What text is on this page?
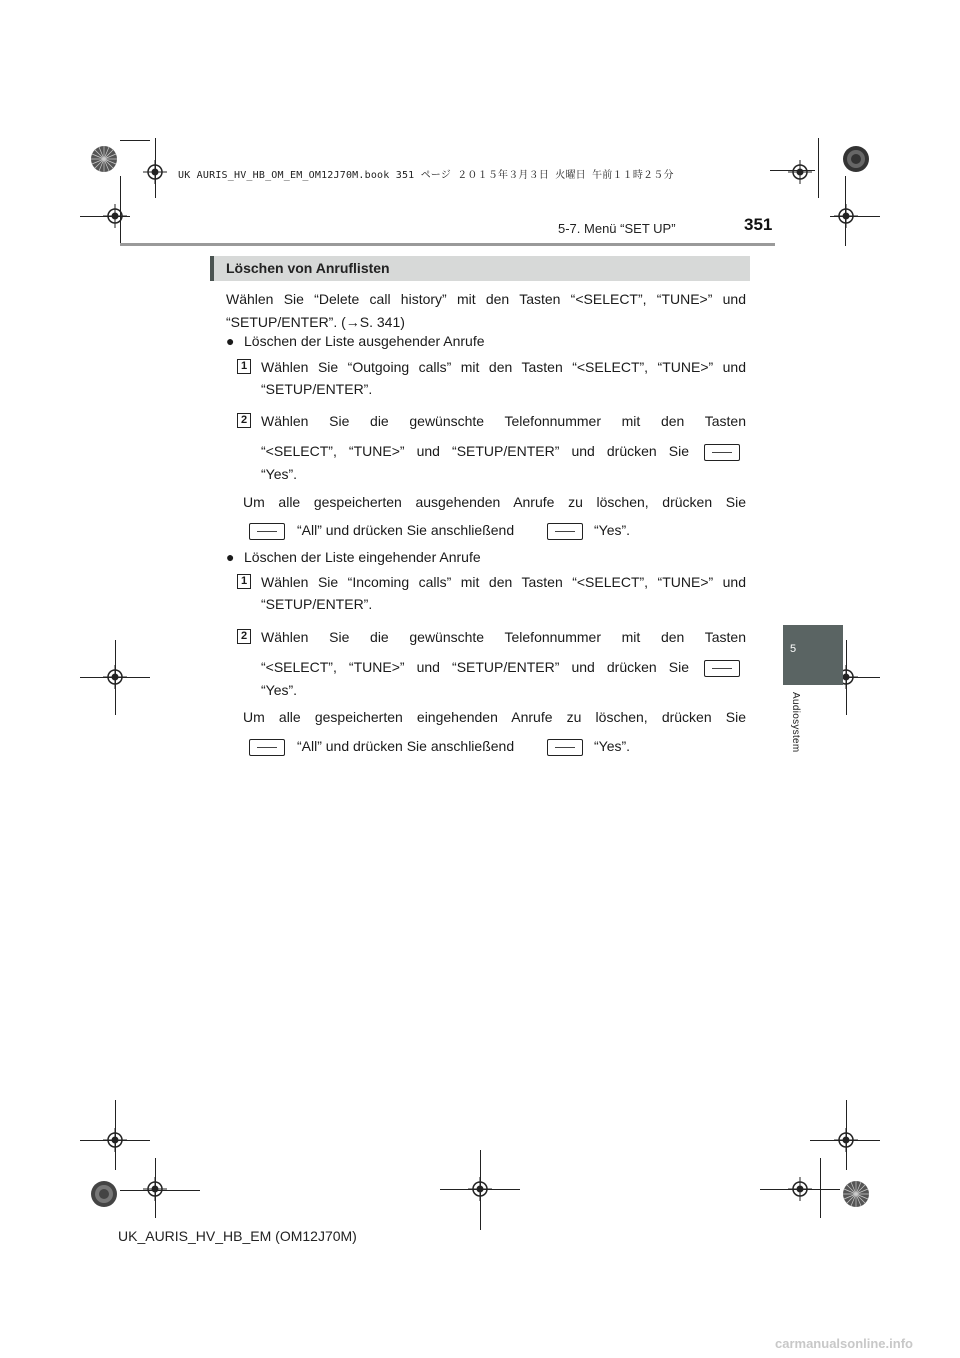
UK AURIS_HV_HB_OM_EM_OM12J70M.book 351 ページ ２０１５年３月３日 火曜日 午前１１時２５分
5-7. Menü “SET UP”	351
5
Audiosystem
Löschen von Anruflisten
Wählen Sie “Delete call history” mit den Tasten “<SELECT”, “TUNE>” und
“SETUP/ENTER”. (→S. 341)
● Löschen der Liste ausgehender Anrufe
1 Wählen Sie “Outgoing calls” mit den Tasten “<SELECT”, “TUNE>” und
“SETUP/ENTER”.
2 Wählen Sie die gewünschte Telefonnummer mit den Tasten
“<SELECT”, “TUNE>” und “SETUP/ENTER” und drücken Sie
“Yes”.
Um alle gespeicherten ausgehenden Anrufe zu löschen, drücken Sie
“All” und drücken Sie anschließend	“Yes”.
● Löschen der Liste eingehender Anrufe
1 Wählen Sie “Incoming calls” mit den Tasten “<SELECT”, “TUNE>” und
“SETUP/ENTER”.
2 Wählen Sie die gewünschte Telefonnummer mit den Tasten
“<SELECT”, “TUNE>” und “SETUP/ENTER” und drücken Sie
“Yes”.
Um alle gespeicherten eingehenden Anrufe zu löschen, drücken Sie
“All” und drücken Sie anschließend	“Yes”.
UK_AURIS_HV_HB_EM (OM12J70M)
carmanualsonline.info
